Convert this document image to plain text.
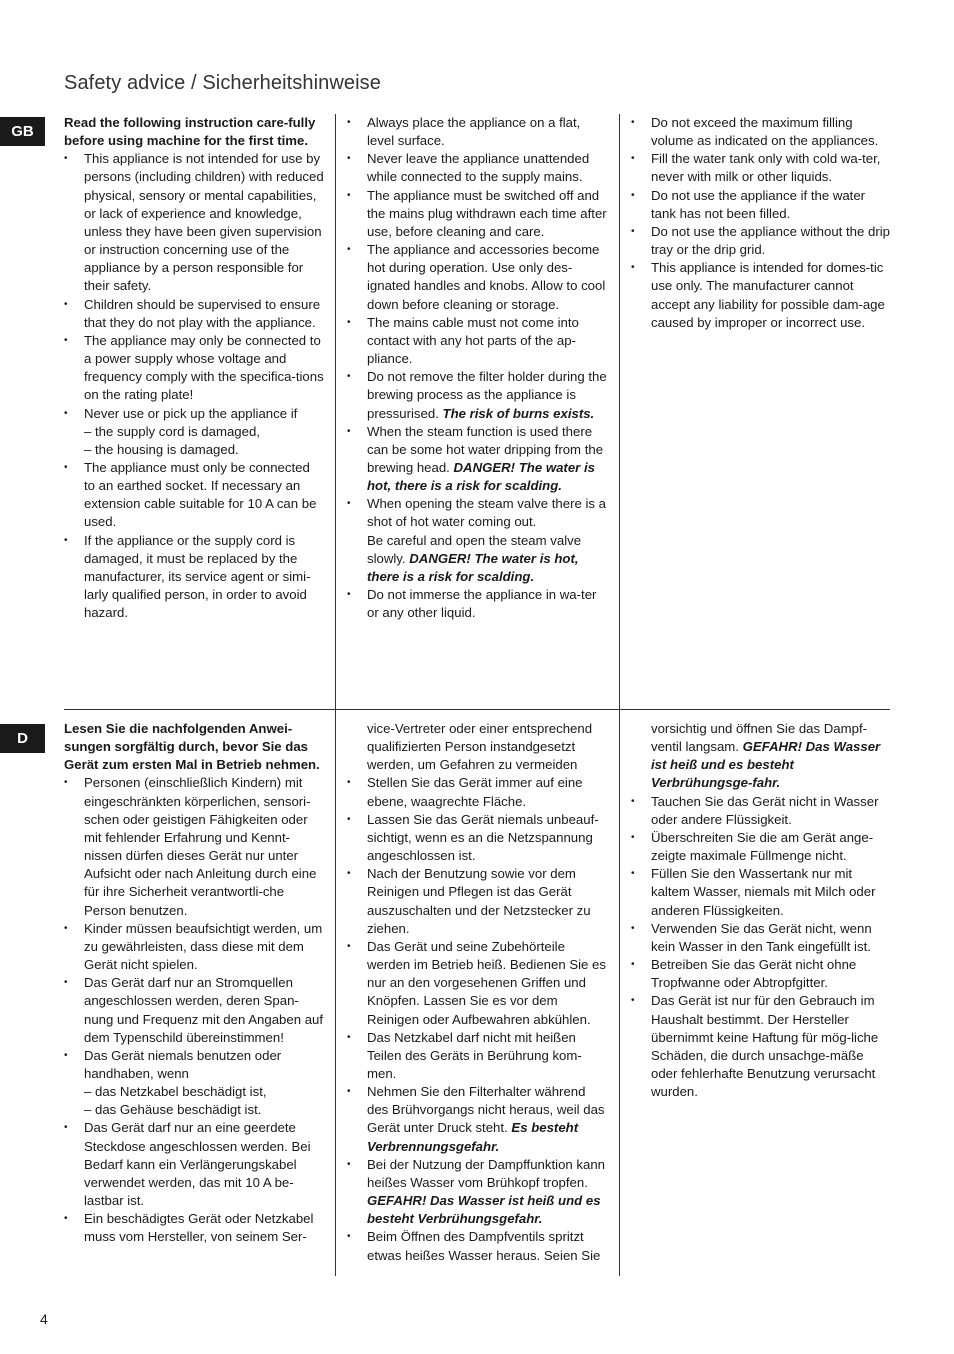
Safety advice / Sicherheitshinweise
GB

Read the following instruction care-fully before using machine for the first time.

• This appliance is not intended for use by persons (including children) with reduced physical, sensory or mental capabilities, or lack of experience and knowledge, unless they have been given supervision or instruction concerning use of the appliance by a person responsible for their safety.
• Children should be supervised to ensure that they do not play with the appliance.
• The appliance may only be connected to a power supply whose voltage and frequency comply with the specifica-tions on the rating plate!
• Never use or pick up the appliance if
– the supply cord is damaged,
– the housing is damaged.
• The appliance must only be connected to an earthed socket. If necessary an extension cable suitable for 10 A can be used.
• If the appliance or the supply cord is damaged, it must be replaced by the manufacturer, its service agent or simi-larly qualified person, in order to avoid hazard.
• Always place the appliance on a flat, level surface.
• Never leave the appliance unattended while connected to the supply mains.
• The appliance must be switched off and the mains plug withdrawn each time after use, before cleaning and care.
• The appliance and accessories become hot during operation. Use only des-ignated handles and knobs. Allow to cool down before cleaning or storage.
• The mains cable must not come into contact with any hot parts of the ap-pliance.
• Do not remove the filter holder during the brewing process as the appliance is pressurised. The risk of burns exists.
• When the steam function is used there can be some hot water dripping from the brewing head. DANGER! The water is hot, there is a risk for scalding.
• When opening the steam valve there is a shot of hot water coming out.
Be careful and open the steam valve slowly. DANGER! The water is hot, there is a risk for scalding.
• Do not immerse the appliance in wa-ter or any other liquid.
• Do not exceed the maximum filling volume as indicated on the appliances.
• Fill the water tank only with cold wa-ter, never with milk or other liquids.
• Do not use the appliance if the water tank has not been filled.
• Do not use the appliance without the drip tray or the drip grid.
• This appliance is intended for domes-tic use only. The manufacturer cannot accept any liability for possible dam-age caused by improper or incorrect use.
D

Lesen Sie die nachfolgenden Anwei-sungen sorgfältig durch, bevor Sie das Gerät zum ersten Mal in Betrieb nehmen.

• Personen (einschließlich Kindern) mit eingeschränkten körperlichen, sensori-schen oder geistigen Fähigkeiten oder mit fehlender Erfahrung und Kennt-nissen dürfen dieses Gerät nur unter Aufsicht oder nach Anleitung durch eine für ihre Sicherheit verantwortli-che Person benutzen.
• Kinder müssen beaufsichtigt werden, um zu gewährleisten, dass diese mit dem Gerät nicht spielen.
• Das Gerät darf nur an Stromquellen angeschlossen werden, deren Span-nung und Frequenz mit den Angaben auf dem Typenschild übereinstimmen!
• Das Gerät niemals benutzen oder handhaben, wenn
– das Netzkabel beschädigt ist,
– das Gehäuse beschädigt ist.
• Das Gerät darf nur an eine geerdete Steckdose angeschlossen werden. Bei Bedarf kann ein Verlängerungskabel verwendet werden, das mit 10 A be-lastbar ist.
• Ein beschädigtes Gerät oder Netzkabel muss vom Hersteller, von seinem Ser-
vice-Vertreter oder einer entsprechend qualifizierten Person instandgesetzt werden, um Gefahren zu vermeiden
• Stellen Sie das Gerät immer auf eine ebene, waagrechte Fläche.
• Lassen Sie das Gerät niemals unbeauf-sichtigt, wenn es an die Netzspannung angeschlossen ist.
• Nach der Benutzung sowie vor dem Reinigen und Pflegen ist das Gerät auszuschalten und der Netzstecker zu ziehen.
• Das Gerät und seine Zubehörteile werden im Betrieb heiß. Bedienen Sie es nur an den vorgesehenen Griffen und Knöpfen. Lassen Sie es vor dem Reinigen oder Aufbewahren abkühlen.
• Das Netzkabel darf nicht mit heißen Teilen des Geräts in Berührung kom-men.
• Nehmen Sie den Filterhalter während des Brühvorgangs nicht heraus, weil das Gerät unter Druck steht. Es besteht Verbrennungsgefahr.
• Bei der Nutzung der Dampffunktion kann heißes Wasser vom Brühkopf tropfen. GEFAHR! Das Wasser ist heiß und es besteht Verbrühungsgefahr.
• Beim Öffnen des Dampfventils spritzt etwas heißes Wasser heraus. Seien Sie
vorsichtig und öffnen Sie das Dampf-ventil langsam. GEFAHR! Das Wasser ist heiß und es besteht Verbrühungsge-fahr.
• Tauchen Sie das Gerät nicht in Wasser oder andere Flüssigkeit.
• Überschreiten Sie die am Gerät ange-zeigte maximale Füllmenge nicht.
• Füllen Sie den Wassertank nur mit kaltem Wasser, niemals mit Milch oder anderen Flüssigkeiten.
• Verwenden Sie das Gerät nicht, wenn kein Wasser in den Tank eingefüllt ist.
• Betreiben Sie das Gerät nicht ohne Tropfwanne oder Abtropfgitter.
• Das Gerät ist nur für den Gebrauch im Haushalt bestimmt. Der Hersteller übernimmt keine Haftung für mög-liche Schäden, die durch unsachge-mäße oder fehlerhafte Benutzung verursacht wurden.
4
